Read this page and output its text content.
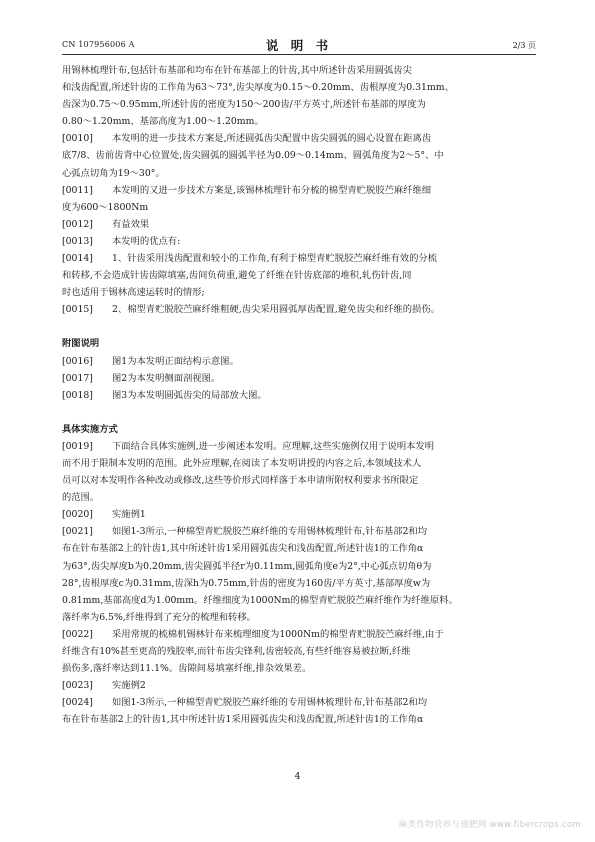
CN 107956006 A	说 明 书	2/3 页
用锡林梳理针布,包括针布基部和均布在针布基部上的针齿,其中所述针齿采用圆弧齿尖
和浅齿配置,所述针齿的工作角为63～73°,齿尖厚度为0.15～0.20mm、齿根厚度为0.31mm、
齿深为0.75～0.95mm,所述针齿的密度为150～200齿/平方英寸,所述针布基部的厚度为
0.80～1.20mm、基部高度为1.00～1.20mm。
[0010] 本发明的进一步技术方案是,所述圆弧齿尖配置中齿尖圆弧的圆心设置在距离齿
底7/8、齿前齿背中心位置处,齿尖圆弧的圆弧半径为0.09～0.14mm、圆弧角度为2～5°、中
心弧点切角为19～30°。
[0011] 本发明的又进一步技术方案是,该锡林梳理针布分梳的棉型青贮脱胶苎麻纤维细
度为600～1800Nm
[0012] 有益效果
[0013] 本发明的优点有:
[0014] 1、针齿采用浅齿配置和较小的工作角,有利于棉型青贮脱胶苎麻纤维有效的分梳
和转移,不会造成针齿齿隙填塞,齿间负荷重,避免了纤维在针齿底部的堆积,轧伤针齿,同
时也适用于锡林高速运转时的情形;
[0015] 2、棉型青贮脱胶苎麻纤维粗硬,齿尖采用圆弧厚齿配置,避免齿尖和纤维的损伤。
附图说明
[0016] 图1为本发明正面结构示意图。
[0017] 图2为本发明侧面剖视图。
[0018] 图3为本发明圆弧齿尖的局部放大图。
具体实施方式
[0019] 下面结合具体实施例,进一步阐述本发明。应理解,这些实施例仅用于说明本发明
而不用于限制本发明的范围。此外应理解,在阅读了本发明讲授的内容之后,本领域技术人
员可以对本发明作各种改动或修改,这些等价形式同样落于本申请所附权利要求书所限定
的范围。
[0020] 实施例1
[0021] 如图1-3所示,一种棉型青贮脱胶苎麻纤维的专用锡林梳理针布,针布基部2和均
布在针布基部2上的针齿1,其中所述针齿1采用圆弧齿尖和浅齿配置,所述针齿1的工作角α
为63°,齿尖厚度b为0.20mm,齿尖圆弧半径r为0.11mm,圆弧角度e为2°,中心弧点切角θ为
28°,齿根厚度c为0.31mm,齿深h为0.75mm,针齿的密度为160齿/平方英寸,基部厚度w为
0.81mm,基部高度d为1.00mm。纤维细度为1000Nm的棉型青贮脱胶苎麻纤维作为纤维原料。
落纤率为6.5%,纤维得到了充分的梳理和转移。
[0022] 采用常规的梳棉机锡林针布来梳理细度为1000Nm的棉型青贮脱胶苎麻纤维,由于
纤维含有10%甚至更高的残胶率,而针布齿尖锋利,齿密较高,有些纤维容易被拉断,纤维
损伤多,落纤率达到11.1%。齿隙间易填塞纤维,排杂效果差。
[0023] 实施例2
[0024] 如图1-3所示,一种棉型青贮脱胶苎麻纤维的专用锡林梳理针布,针布基部2和均
布在针布基部2上的针齿1,其中所述针齿1采用圆弧齿尖和浅齿配置,所述针齿1的工作角α
4
麻类作物营养与施肥网 www.fibercrops.com
